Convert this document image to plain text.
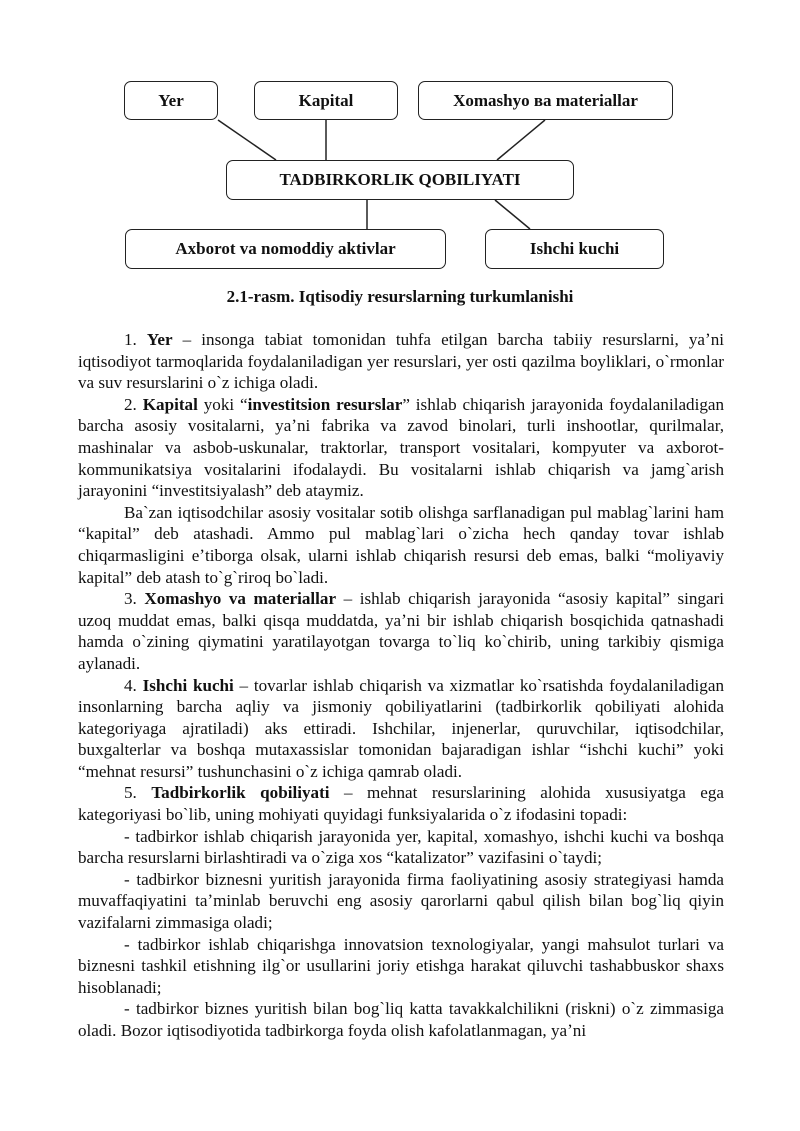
Yer	Kapital	Xomashyo ва materiallar
TADBIRKORLIK QOBILIYATI
Axborot va nomoddiy aktivlar	Ishchi kuchi
2.1-rasm. Iqtisodiy resurslarning turkumlanishi

1. Yer – insonga tabiat tomonidan tuhfa etilgan barcha tabiiy resurslarni, yaʼni iqtisodiyot tarmoqlarida foydalaniladigan yer resurslari, yer osti qazilma boyliklari, o`rmonlar va suv resurslarini o`z ichiga oladi.

2. Kapital yoki “investitsion resurslar” ishlab chiqarish jarayonida foydalaniladigan barcha asosiy vositalarni, yaʼni fabrika va zavod binolari, turli inshootlar, qurilmalar, mashinalar va asbob-uskunalar, traktorlar, transport vositalari, kompyuter va axborot-kommunikatsiya vositalarini ifodalaydi. Bu vositalarni ishlab chiqarish va jamg`arish jarayonini “investitsiyalash” deb ataymiz.

Ba`zan iqtisodchilar asosiy vositalar sotib olishga sarflanadigan pul mablag`larini ham “kapital” deb atashadi. Ammo pul mablag`lari o`zicha hech qanday tovar ishlab chiqarmasligini eʼtiborga olsak, ularni ishlab chiqarish resursi deb emas, balki “moliyaviy kapital” deb atash to`g`riroq bo`ladi.

3. Xomashyo va materiallar – ishlab chiqarish jarayonida “asosiy kapital” singari uzoq muddat emas, balki qisqa muddatda, yaʼni bir ishlab chiqarish bosqichida qatnashadi hamda o`zining qiymatini yaratilayotgan tovarga to`liq ko`chirib, uning tarkibiy qismiga aylanadi.

4. Ishchi kuchi – tovarlar ishlab chiqarish va xizmatlar ko`rsatishda foydalaniladigan insonlarning barcha aqliy va jismoniy qobiliyatlarini (tadbirkorlik qobiliyati alohida kategoriyaga ajratiladi) aks ettiradi. Ishchilar, injenerlar, quruvchilar, iqtisodchilar, buxgalterlar va boshqa mutaxassislar tomonidan bajaradigan ishlar “ishchi kuchi” yoki “mehnat resursi” tushunchasini o`z ichiga qamrab oladi.

5. Tadbirkorlik qobiliyati – mehnat resurslarining alohida xususiyatga ega kategoriyasi bo`lib, uning mohiyati quyidagi funksiyalarida o`z ifodasini topadi:

- tadbirkor ishlab chiqarish jarayonida yer, kapital, xomashyo, ishchi kuchi va boshqa barcha resurslarni birlashtiradi va o`ziga xos “katalizator” vazifasini o`taydi;

- tadbirkor biznesni yuritish jarayonida firma faoliyatining asosiy strategiyasi hamda muvaffaqiyatini taʼminlab beruvchi eng asosiy qarorlarni qabul qilish bilan bog`liq qiyin vazifalarni zimmasiga oladi;

- tadbirkor ishlab chiqarishga innovatsion texnologiyalar, yangi mahsulot turlari va biznesni tashkil etishning ilg`or usullarini joriy etishga harakat qiluvchi tashabbuskor shaxs hisoblanadi;

- tadbirkor biznes yuritish bilan bog`liq katta tavakkalchilikni (riskni) o`z zimmasiga oladi. Bozor iqtisodiyotida tadbirkorga foyda olish kafolatlanmagan, yaʼni
